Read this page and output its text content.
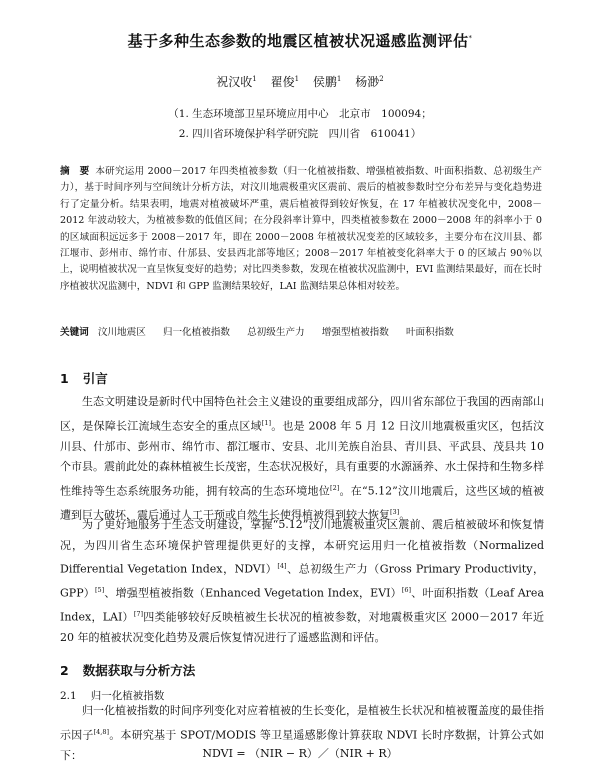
基于多种生态参数的地震区植被状况遥感监测评估*
祝汉收$^1$ 翟俊$^1$ 侯鹏$^1$ 杨渺$^2$
（1. 生态环境部卫星环境应用中心　北京市　100094；
2. 四川省环境保护科学研究院　四川省　610041）
摘　要 本研究运用 2000－2017 年四类植被参数（归一化植被指数、增强植被指数、叶面积指数、总初级生产力），基于时间序列与空间统计分析方法，对汶川地震极重灾区震前、震后的植被参数时空分布差异与变化趋势进行了定量分析。结果表明，地震对植被破坏严重，震后植被得到较好恢复，在 17 年植被状况变化中，2008－2012 年波动较大，为植被参数的低值区间；在分段斜率计算中，四类植被参数在 2000－2008 年的斜率小于 0 的区域面积远远多于 2008－2017 年，即在 2000－2008 年植被状况变差的区域较多，主要分布在汶川县、都江堰市、彭州市、绵竹市、什邡县、安县西北部等地区；2008－2017 年植被变化斜率大于 0 的区域占 90％以上，说明植被状况一直呈恢复变好的趋势；对比四类参数，发现在植被状况监测中，EVI 监测结果最好，而在长时序植被状况监测中，NDVI 和 GPP 监测结果较好，LAI 监测结果总体相对较差。
关键词 汶川地震区 归一化植被指数 总初级生产力 增强型植被指数 叶面积指数
1 引言
生态文明建设是新时代中国特色社会主义建设的重要组成部分，四川省东部位于我国的西南部山区，是保障长江流域生态安全的重点区域[1]。也是 2008 年 5 月 12 日汶川地震极重灾区，包括汶川县、什邡市、彭州市、绵竹市、都江堰市、安县、北川羌族自治县、青川县、平武县、茂县共 10 个市县。震前此处的森林植被生长茂密，生态状况极好，具有重要的水源涵养、水土保持和生物多样性维持等生态系统服务功能，拥有较高的生态环境地位[2]。在“5.12”汶川地震后，这些区域的植被遭到巨大破坏，震后通过人工干预或自然生长使得植被得到较大恢复[3]。
为了更好地服务于生态文明建设，掌握“5.12”汶川地震极重灾区震前、震后植被破坏和恢复情况，为四川省生态环境保护管理提供更好的支撑，本研究运用归一化植被指数（Normalized Differential Vegetation Index，NDVI）[4]、总初级生产力（Gross Primary Productivity，GPP）[5]、增强型植被指数（Enhanced Vegetation Index，EVI）[6]、叶面积指数（Leaf Area Index，LAI）[7]四类能够较好反映植被生长状况的植被参数，对地震极重灾区 2000－2017 年近 20 年的植被状况变化趋势及震后恢复情况进行了遥感监测和评估。
2 数据获取与分析方法
2.1 归一化植被指数
归一化植被指数的时间序列变化对应着植被的生长变化，是植被生长状况和植被覆盖度的最佳指示因子[4,8]。本研究基于 SPOT/MODIS 等卫星遥感影像计算获取 NDVI 长时序数据，计算公式如下：	NDVI = （NIR − R）／（NIR + R）
